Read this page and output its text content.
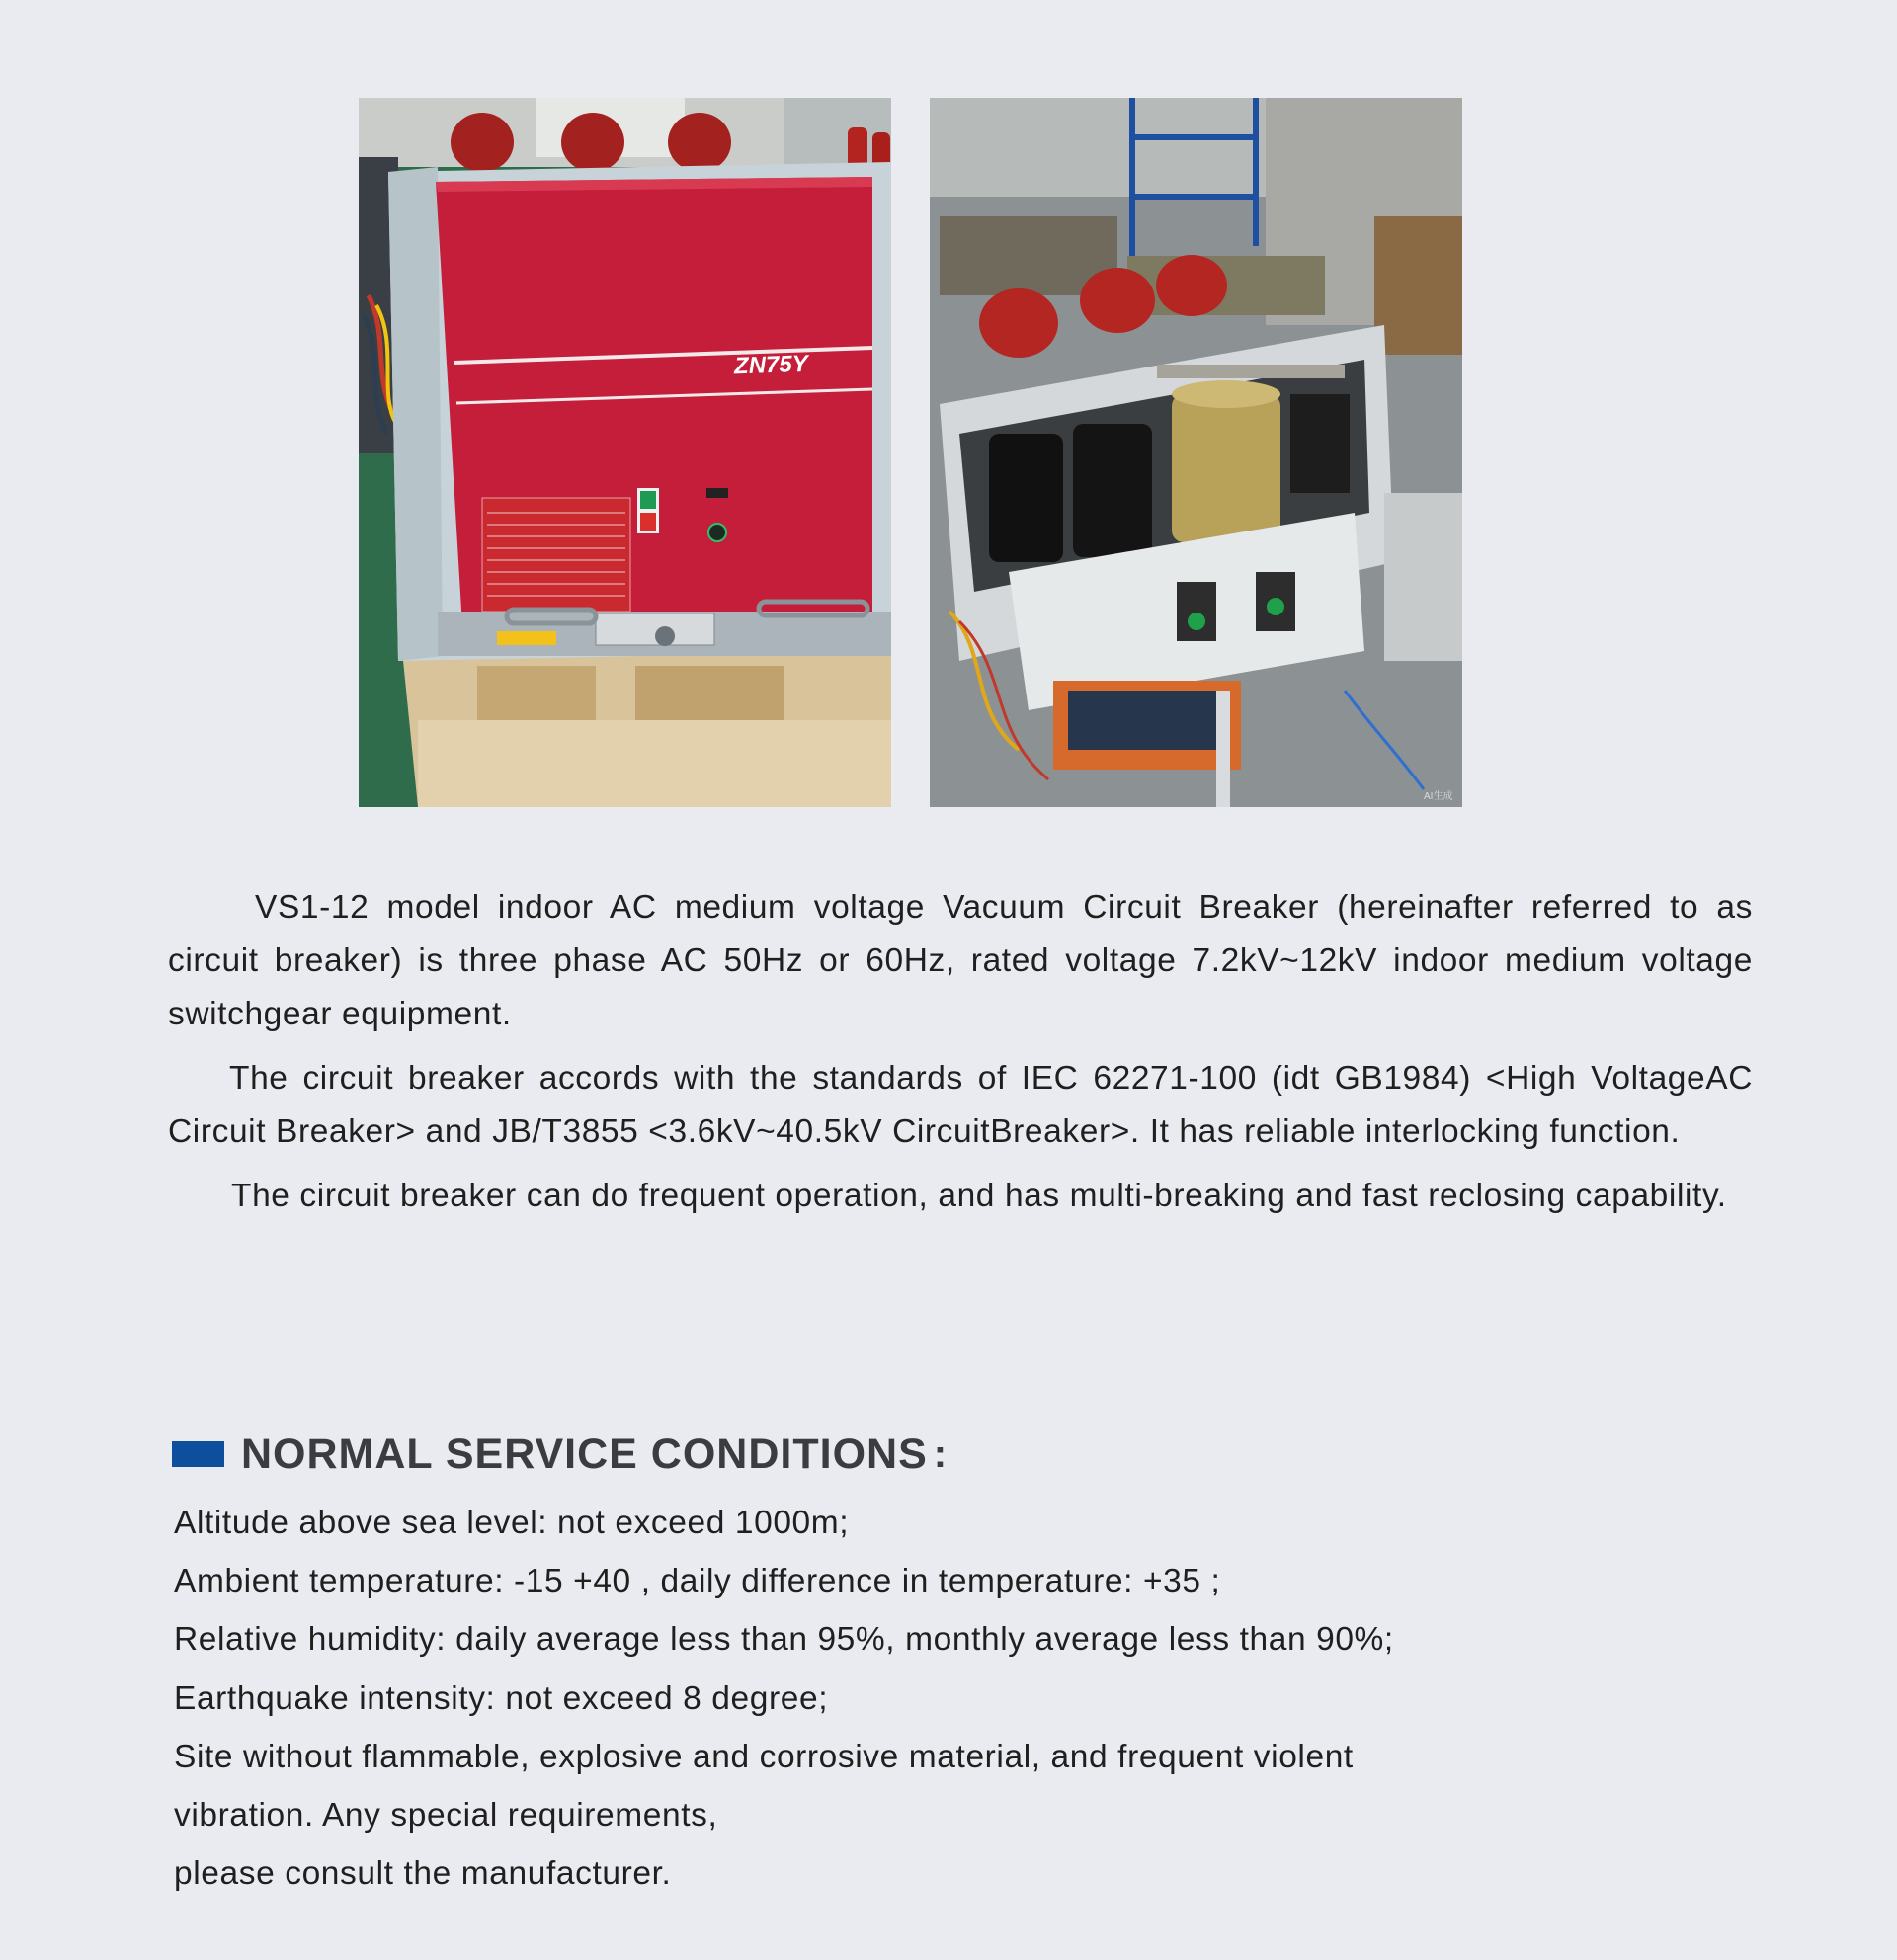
ZN75Y
AI生成

VS1-12 model indoor AC medium voltage Vacuum Circuit Breaker (hereinafter referred to as circuit breaker) is three phase AC 50Hz or 60Hz, rated voltage 7.2kV~12kV indoor medium voltage switchgear equipment.

The circuit breaker accords with the standards of IEC 62271-100 (idt GB1984) <High VoltageAC Circuit Breaker> and JB/T3855 <3.6kV~40.5kV CircuitBreaker>. It has reliable interlocking function.

The circuit breaker can do frequent operation, and has multi-breaking and fast reclosing capability.

NORMAL SERVICE CONDITIONS :
Altitude above sea level: not exceed 1000m;
Ambient temperature: -15 +40 , daily difference in temperature: +35 ;
Relative humidity: daily average less than 95%, monthly average less than 90%;
Earthquake intensity: not exceed 8 degree;
Site without flammable, explosive and corrosive material, and frequent violent
vibration. Any special requirements,
please consult the manufacturer.
